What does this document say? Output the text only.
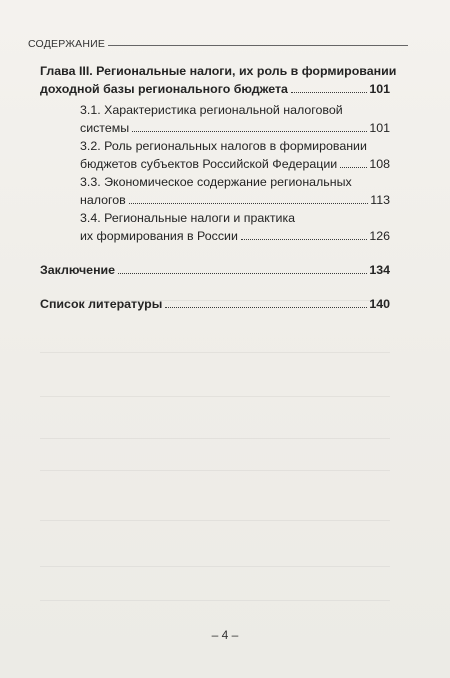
СОДЕРЖАНИЕ
Глава III. Региональные налоги, их роль в формировании
доходной базы регионального бюджета	101
3.1. Характеристика региональной налоговой
системы	101
3.2. Роль региональных налогов в формировании
бюджетов субъектов Российской Федерации	108
3.3. Экономическое содержание региональных
налогов	113
3.4. Региональные налоги и практика
их формирования в России	126
Заключение	134
Список литературы	140
– 4 –
